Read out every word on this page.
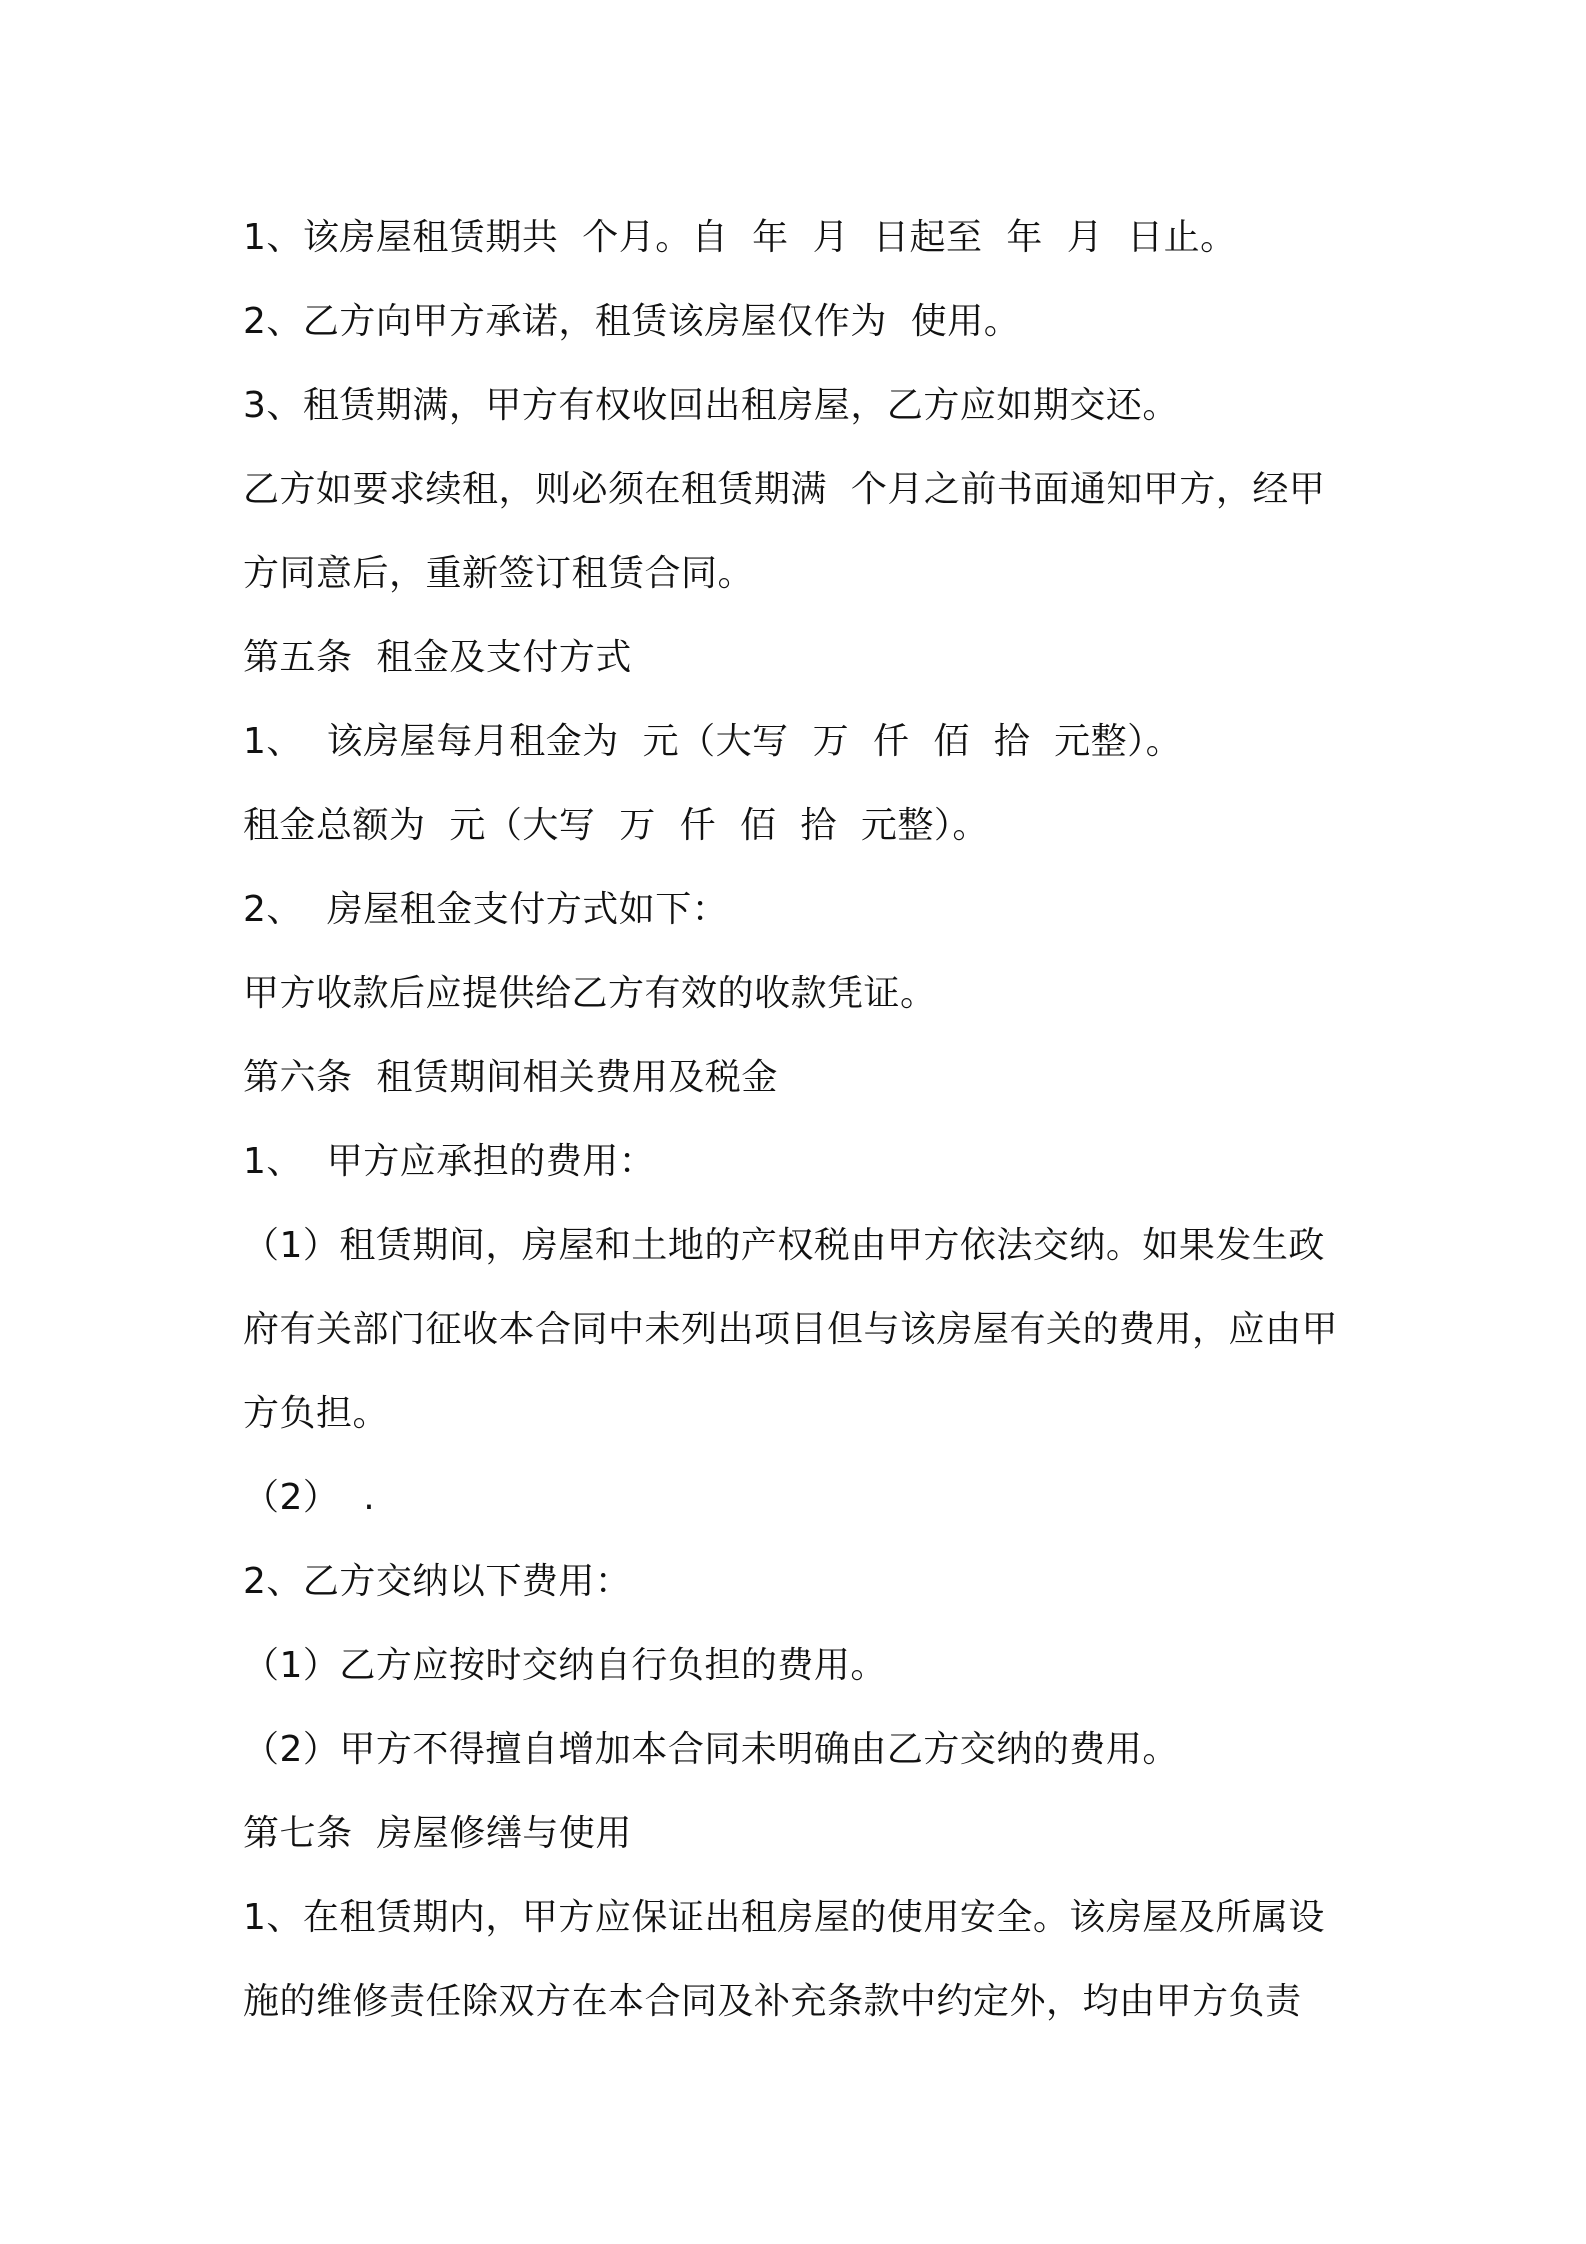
1、该房屋租赁期共  个月。自  年  月  日起至  年  月  日止。

2、乙方向甲方承诺，租赁该房屋仅作为  使用。

3、租赁期满，甲方有权收回出租房屋，乙方应如期交还。

乙方如要求续租，则必须在租赁期满  个月之前书面通知甲方，经甲

方同意后，重新签订租赁合同。

第五条  租金及支付方式

1、  该房屋每月租金为  元（大写  万  仟  佰  拾  元整）。

租金总额为  元（大写  万  仟  佰  拾  元整）。

2、  房屋租金支付方式如下：

甲方收款后应提供给乙方有效的收款凭证。

第六条  租赁期间相关费用及税金

1、  甲方应承担的费用：

（1）租赁期间，房屋和土地的产权税由甲方依法交纳。如果发生政

府有关部门征收本合同中未列出项目但与该房屋有关的费用，应由甲

方负担。

（2）  .

2、乙方交纳以下费用：

（1）乙方应按时交纳自行负担的费用。

（2）甲方不得擅自增加本合同未明确由乙方交纳的费用。

第七条  房屋修缮与使用

1、在租赁期内，甲方应保证出租房屋的使用安全。该房屋及所属设

施的维修责任除双方在本合同及补充条款中约定外，均由甲方负责
